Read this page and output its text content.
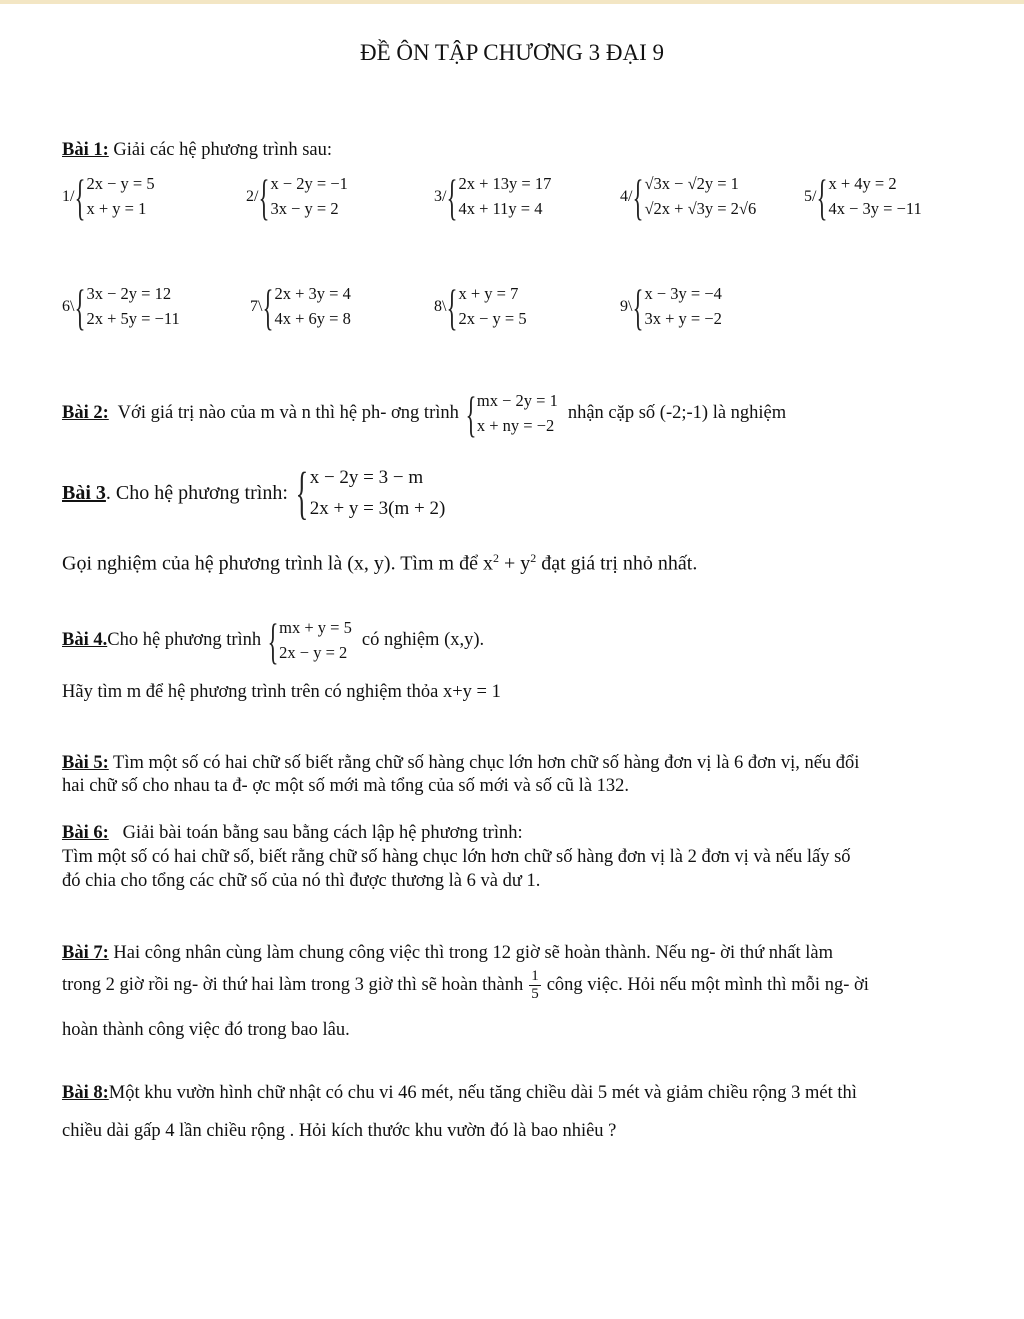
ĐỀ ÔN TẬP CHƯƠNG 3 ĐẠI 9
Bài 1: Giải các hệ phương trình sau:
1/ { 2x − y = 5
x + y = 1
2/ { x − 2y = −1
3x − y = 2
3/ { 2x + 13y = 17
4x + 11y = 4
4/ { √3x − √2y = 1
√2x + √3y = 2√6
5/ { x + 4y = 2
4x − 3y = −11
6\ { 3x − 2y = 12
2x + 5y = −11
7\ { 2x + 3y = 4
4x + 6y = 8
8\ { x + y = 7
2x − y = 5
9\ { x − 3y = −4
3x + y = −2
Bài 2: Với giá trị nào của m và n thì hệ ph- ơng trình { mx − 2y = 1
x + ny = −2
nhận cặp số (-2;-1) là nghiệm
Bài 3 . Cho hệ phương trình: { x − 2y = 3 − m
2x + y = 3(m + 2)
Gọi nghiệm của hệ phương trình là (x, y). Tìm m để $x^2 + y^2$ đạt giá trị nhỏ nhất.
Bài 4. Cho hệ phương trình { mx + y = 5
2x − y = 2
có nghiệm (x,y).
Hãy tìm m để hệ phương trình trên có nghiệm thỏa x+y = 1
Bài 5: Tìm một số có hai chữ số biết rằng chữ số hàng chục lớn hơn chữ số hàng đơn vị là 6 đơn vị, nếu đổi
hai chữ số cho nhau ta đ- ợc một số mới mà tổng của số mới và số cũ là 132.
Bài 6:   Giải bài toán bằng sau bằng cách lập hệ phương trình:
Tìm một số có hai chữ số, biết rằng chữ số hàng chục lớn hơn chữ số hàng đơn vị là 2 đơn vị và nếu lấy số
đó chia cho tổng các chữ số của nó thì được thương là 6 và dư 1.
Bài 7: Hai công nhân cùng làm chung công việc thì trong 12 giờ sẽ hoàn thành. Nếu ng- ời thứ nhất làm
trong 2 giờ rồi ng- ời thứ hai làm trong 3 giờ thì sẽ hoàn thành $\frac{1}{5}$ công việc. Hỏi nếu một mình thì mỗi ng- ời
hoàn thành công việc đó trong bao lâu.
Bài 8:Một khu vườn hình chữ nhật có chu vi 46 mét, nếu tăng chiều dài 5 mét và giảm chiều rộng 3 mét thì
chiều dài gấp 4 lần chiều rộng . Hỏi kích thước khu vườn đó là bao nhiêu ?
